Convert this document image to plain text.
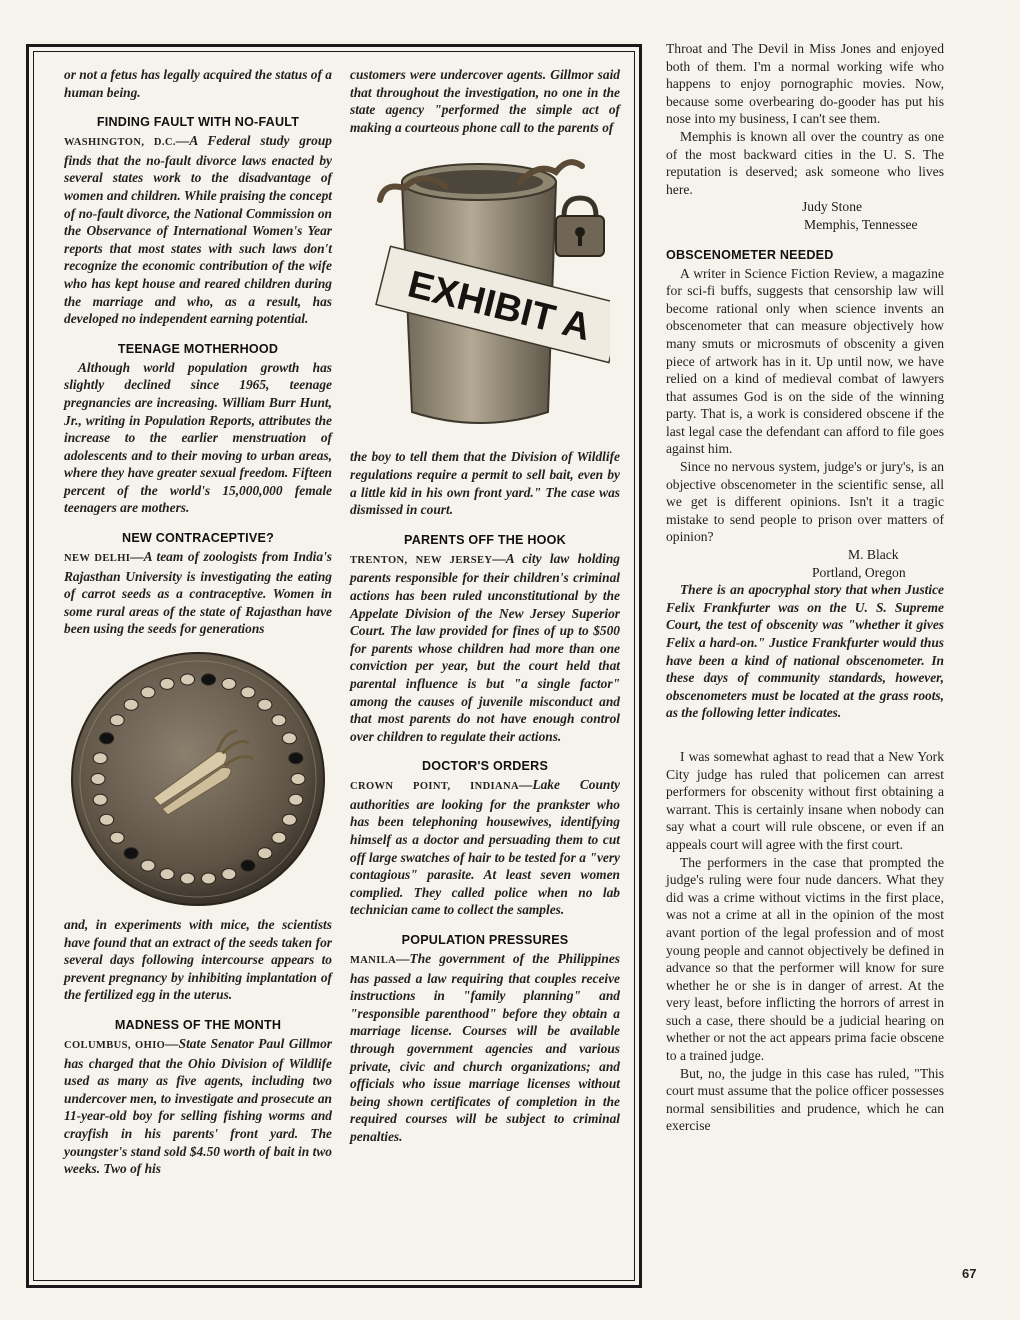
or not a fetus has legally acquired the status of a human being.

FINDING FAULT WITH NO-FAULT

WASHINGTON, D.C.—A Federal study group finds that the no-fault divorce laws enacted by several states work to the disadvantage of women and children. While praising the concept of no-fault divorce, the National Commission on the Observance of International Women's Year reports that most states with such laws don't recognize the economic contribution of the wife who has kept house and reared children during the marriage and who, as a result, has developed no independent earning potential.

TEENAGE MOTHERHOOD

Although world population growth has slightly declined since 1965, teenage pregnancies are increasing. William Burr Hunt, Jr., writing in Population Reports, attributes the increase to the earlier menstruation of adolescents and to their moving to urban areas, where they have greater sexual freedom. Fifteen percent of the world's 15,000,000 female teenagers are mothers.

NEW CONTRACEPTIVE?

NEW DELHI—A team of zoologists from India's Rajasthan University is investigating the eating of carrot seeds as a contraceptive. Women in some rural areas of the state of Rajasthan have been using the seeds for generations

and, in experiments with mice, the scientists have found that an extract of the seeds taken for several days following intercourse appears to prevent pregnancy by inhibiting implantation of the fertilized egg in the uterus.

MADNESS OF THE MONTH

COLUMBUS, OHIO—State Senator Paul Gillmor has charged that the Ohio Division of Wildlife used as many as five agents, including two undercover men, to investigate and prosecute an 11-year-old boy for selling fishing worms and crayfish in his parents' front yard. The youngster's stand sold $4.50 worth of bait in two weeks. Two of his

customers were undercover agents. Gillmor said that throughout the investigation, no one in the state agency "performed the simple act of making a courteous phone call to the parents of

EXHIBIT A

the boy to tell them that the Division of Wildlife regulations require a permit to sell bait, even by a little kid in his own front yard." The case was dismissed in court.

PARENTS OFF THE HOOK

TRENTON, NEW JERSEY—A city law holding parents responsible for their children's criminal actions has been ruled unconstitutional by the Appelate Division of the New Jersey Superior Court. The law provided for fines of up to $500 for parents whose children had more than one conviction per year, but the court held that parental influence is but "a single factor" among the causes of juvenile misconduct and that most parents do not have enough control over children to regulate their actions.

DOCTOR'S ORDERS

CROWN POINT, INDIANA—Lake County authorities are looking for the prankster who has been telephoning housewives, identifying himself as a doctor and persuading them to cut off large swatches of hair to be tested for a "very contagious" parasite. At least seven women complied. They called police when no lab technician came to collect the samples.

POPULATION PRESSURES

MANILA—The government of the Philippines has passed a law requiring that couples receive instructions in "family planning" and "responsible parenthood" before they obtain a marriage license. Courses will be available through government agencies and various private, civic and church organizations; and officials who issue marriage licenses without being shown certificates of completion in the required courses will be subject to criminal penalties.

Throat and The Devil in Miss Jones and enjoyed both of them. I'm a normal working wife who happens to enjoy pornographic movies. Now, because some overbearing do-gooder has put his nose into my business, I can't see them.

Memphis is known all over the country as one of the most backward cities in the U. S. The reputation is deserved; ask someone who lives here.

Judy Stone

Memphis, Tennessee

OBSCENOMETER NEEDED

A writer in Science Fiction Review, a magazine for sci-fi buffs, suggests that censorship law will become rational only when science invents an obscenometer that can measure objectively how many smuts or microsmuts of obscenity a given piece of artwork has in it. Up until now, we have relied on a kind of medieval combat of lawyers that assumes God is on the side of the winning party. That is, a work is considered obscene if the last legal case the defendant can afford to file goes against him.

Since no nervous system, judge's or jury's, is an objective obscenometer in the scientific sense, all we get is different opinions. Isn't it a tragic mistake to send people to prison over matters of opinion?

M. Black

Portland, Oregon

There is an apocryphal story that when Justice Felix Frankfurter was on the U. S. Supreme Court, the test of obscenity was "whether it gives Felix a hard-on." Justice Frankfurter would thus have been a kind of national obscenometer. In these days of community standards, however, obscenometers must be located at the grass roots, as the following letter indicates.

I was somewhat aghast to read that a New York City judge has ruled that policemen can arrest performers for obscenity without first obtaining a warrant. This is certainly insane when nobody can say what a court will rule obscene, or even if an appeals court will agree with the first court.

The performers in the case that prompted the judge's ruling were four nude dancers. What they did was a crime without victims in the first place, was not a crime at all in the opinion of the most avant portion of the legal profession and of most young people and cannot objectively be defined in advance so that the performer will know for sure whether he or she is in danger of arrest. At the very least, before inflicting the horrors of arrest in such a case, there should be a judicial hearing on whether or not the act appears prima facie obscene to a trained judge.

But, no, the judge in this case has ruled, "This court must assume that the police officer possesses normal sensibilities and prudence, which he can exercise

67
